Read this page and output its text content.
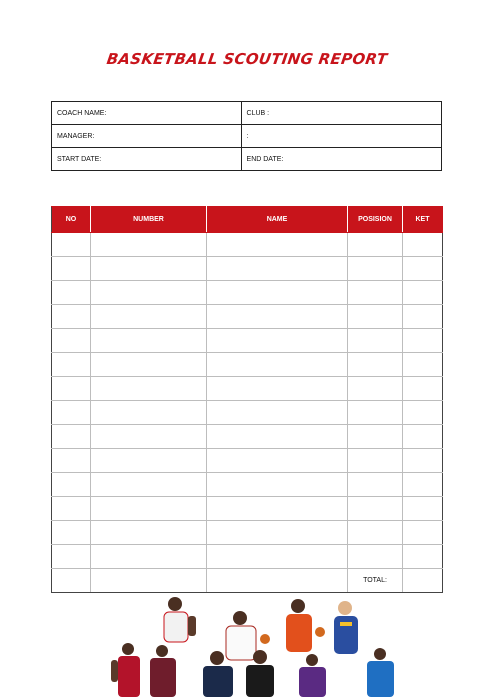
BASKETBALL SCOUTING REPORT
COACH NAME:	CLUB :
MANAGER:	:
START DATE:	END DATE:
NO	NUMBER	NAME	POSISION	KET

			TOTAL:	
